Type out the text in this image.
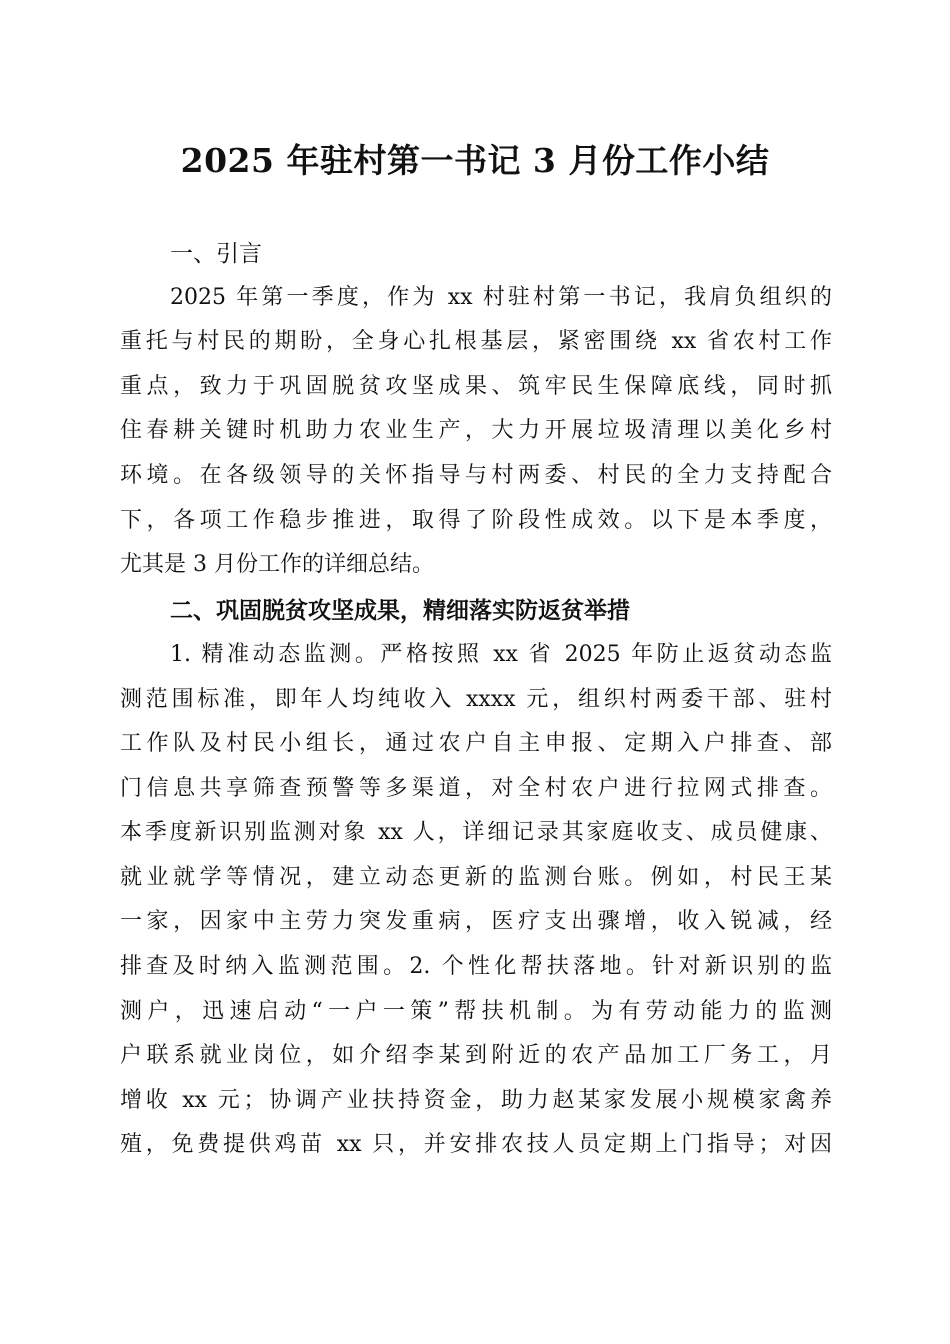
2025 年驻村第一书记 3 月份工作小结
一、引言
2025 年第一季度，作为 xx 村驻村第一书记，我肩负组织的
重托与村民的期盼，全身心扎根基层，紧密围绕 xx 省农村工作
重点，致力于巩固脱贫攻坚成果、筑牢民生保障底线，同时抓
住春耕关键时机助力农业生产，大力开展垃圾清理以美化乡村
环境。在各级领导的关怀指导与村两委、村民的全力支持配合
下，各项工作稳步推进，取得了阶段性成效。以下是本季度，
尤其是 3 月份工作的详细总结。
二、巩固脱贫攻坚成果，精细落实防返贫举措
1. 精准动态监测。严格按照 xx 省 2025 年防止返贫动态监
测范围标准，即年人均纯收入 xxxx 元，组织村两委干部、驻村
工作队及村民小组长，通过农户自主申报、定期入户排查、部
门信息共享筛查预警等多渠道，对全村农户进行拉网式排查。
本季度新识别监测对象 xx 人，详细记录其家庭收支、成员健康、
就业就学等情况，建立动态更新的监测台账。例如，村民王某
一家，因家中主劳力突发重病，医疗支出骤增，收入锐减，经
排查及时纳入监测范围。2. 个性化帮扶落地。针对新识别的监
测户，迅速启动“一户一策”帮扶机制。为有劳动能力的监测
户联系就业岗位，如介绍李某到附近的农产品加工厂务工，月
增收 xx 元；协调产业扶持资金，助力赵某家发展小规模家禽养
殖，免费提供鸡苗 xx 只，并安排农技人员定期上门指导；对因
